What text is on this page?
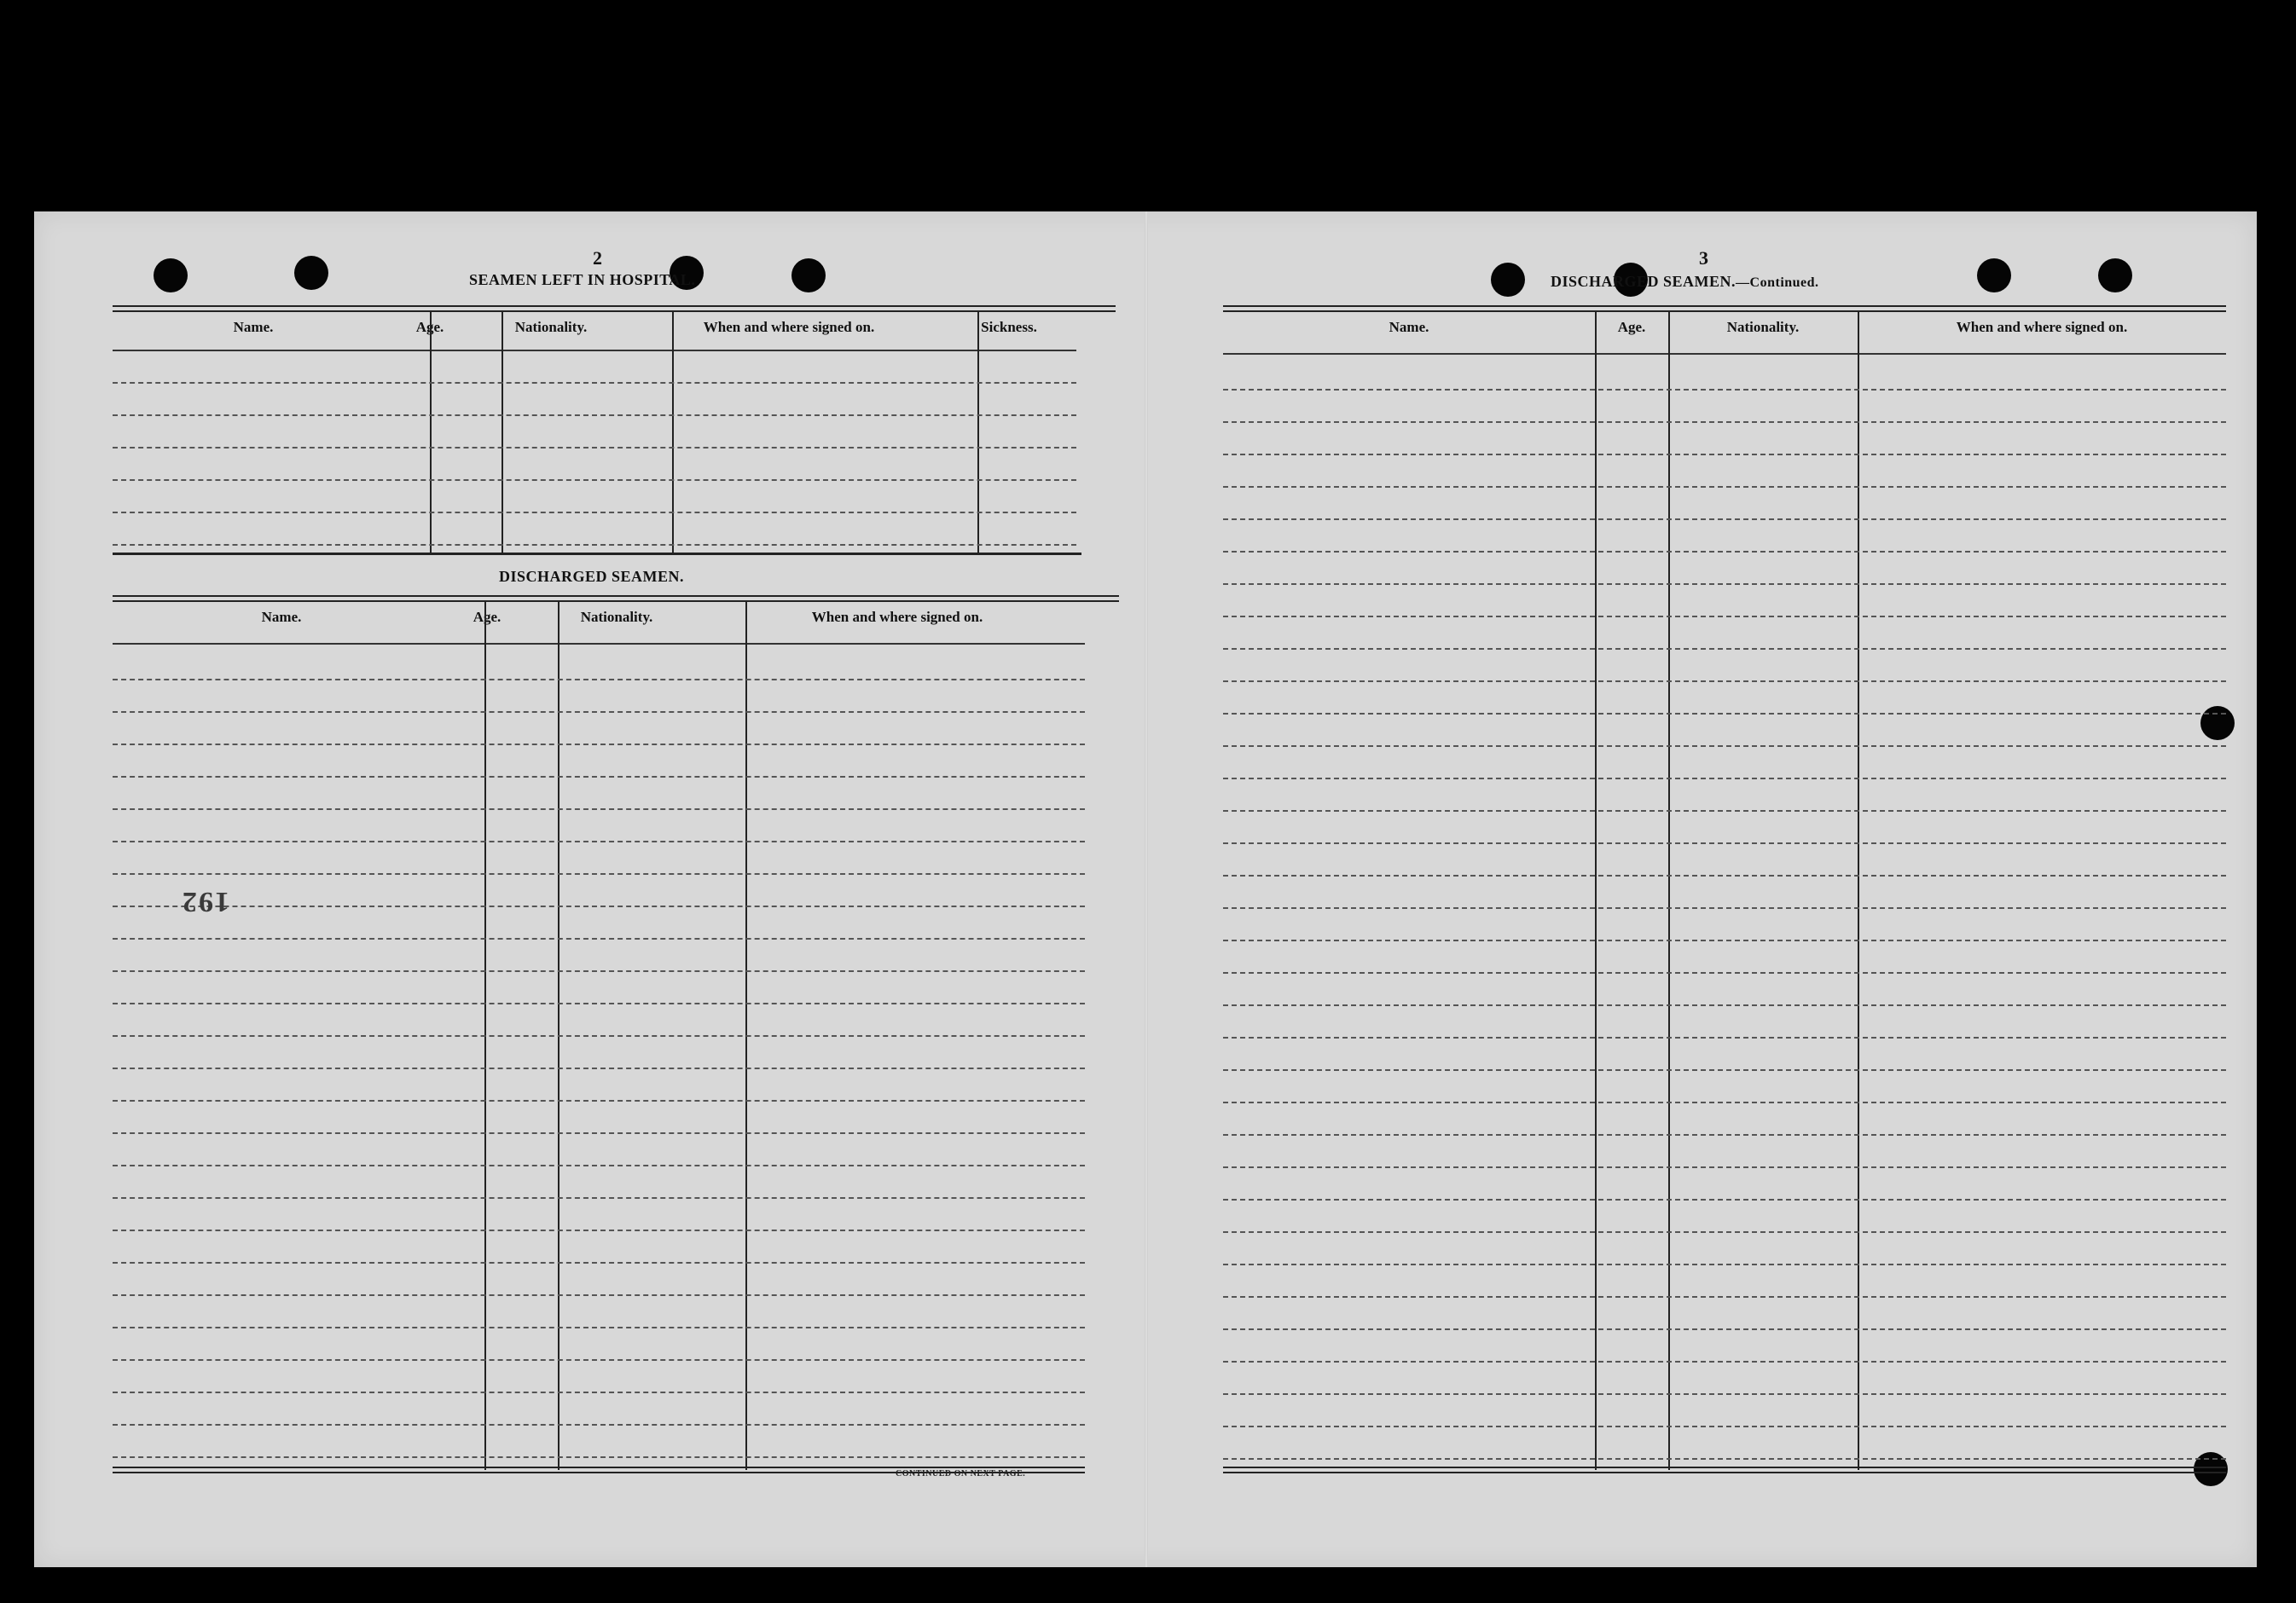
2
SEAMEN LEFT IN HOSPITAL.
Name.	Age.	Nationality.	When and where signed on.	Sickness.
DISCHARGED SEAMEN.
Name.	Age.	Nationality.	When and where signed on.
192
CONTINUED ON NEXT PAGE.
3
DISCHARGED SEAMEN.—Continued.
Name.	Age.	Nationality.	When and where signed on.
